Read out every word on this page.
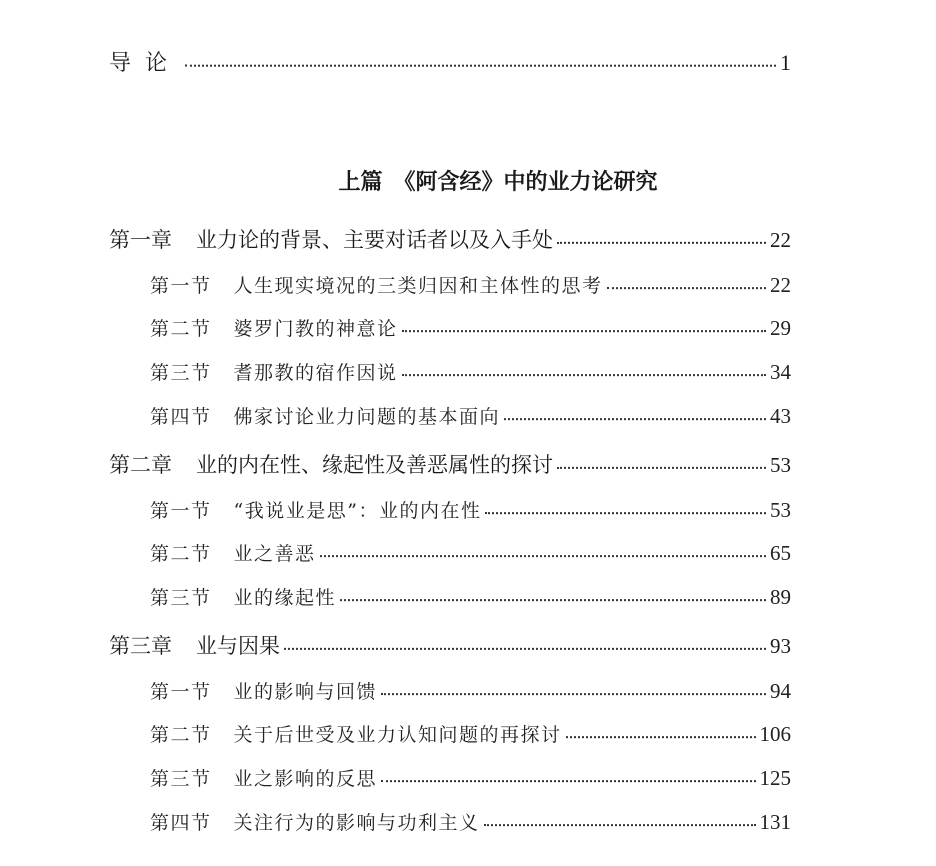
导论	1
上篇　《阿含经》中的业力论研究
第一章 业力论的背景、主要对话者以及入手处	22
第一节 人生现实境况的三类归因和主体性的思考	22
第二节 婆罗门教的神意论	29
第三节 耆那教的宿作因说	34
第四节 佛家讨论业力问题的基本面向	43
第二章 业的内在性、缘起性及善恶属性的探讨	53
第一节 “我说业是思”：业的内在性	53
第二节 业之善恶	65
第三节 业的缘起性	89
第三章 业与因果	93
第一节 业的影响与回馈	94
第二节 关于后世受及业力认知问题的再探讨	106
第三节 业之影响的反思	125
第四节 关注行为的影响与功利主义	131
